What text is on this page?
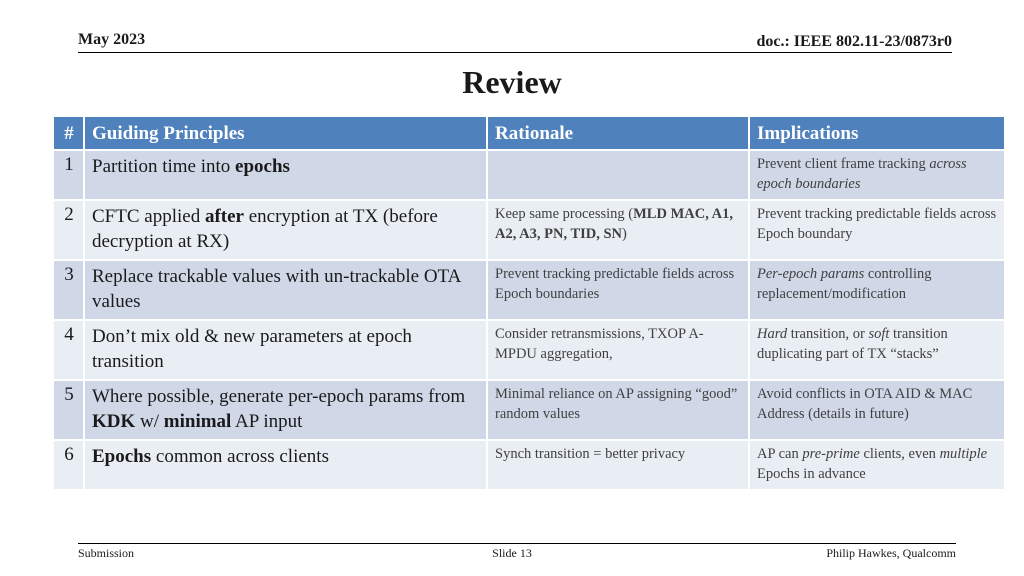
May 2023	doc.: IEEE 802.11-23/0873r0
Review
#	Guiding Principles	Rationale	Implications
1	Partition time into epochs		Prevent client frame tracking across epoch boundaries
2	CFTC applied after encryption at TX (before decryption at RX)	Keep same processing (MLD MAC, A1, A2, A3, PN, TID, SN)	Prevent tracking predictable fields across Epoch boundary
3	Replace trackable values with un-trackable OTA values	Prevent tracking predictable fields across Epoch boundaries	Per-epoch params controlling replacement/modification
4	Don’t mix old & new parameters at epoch transition	Consider retransmissions, TXOP A-MPDU aggregation,	Hard transition, or soft transition duplicating part of TX “stacks”
5	Where possible, generate per-epoch params from KDK w/ minimal AP input	Minimal reliance on AP assigning “good” random values	Avoid conflicts in OTA AID & MAC Address (details in future)
6	Epochs common across clients	Synch transition = better privacy	AP can pre-prime clients, even multiple Epochs in advance
Submission	Slide 13	Philip Hawkes, Qualcomm
